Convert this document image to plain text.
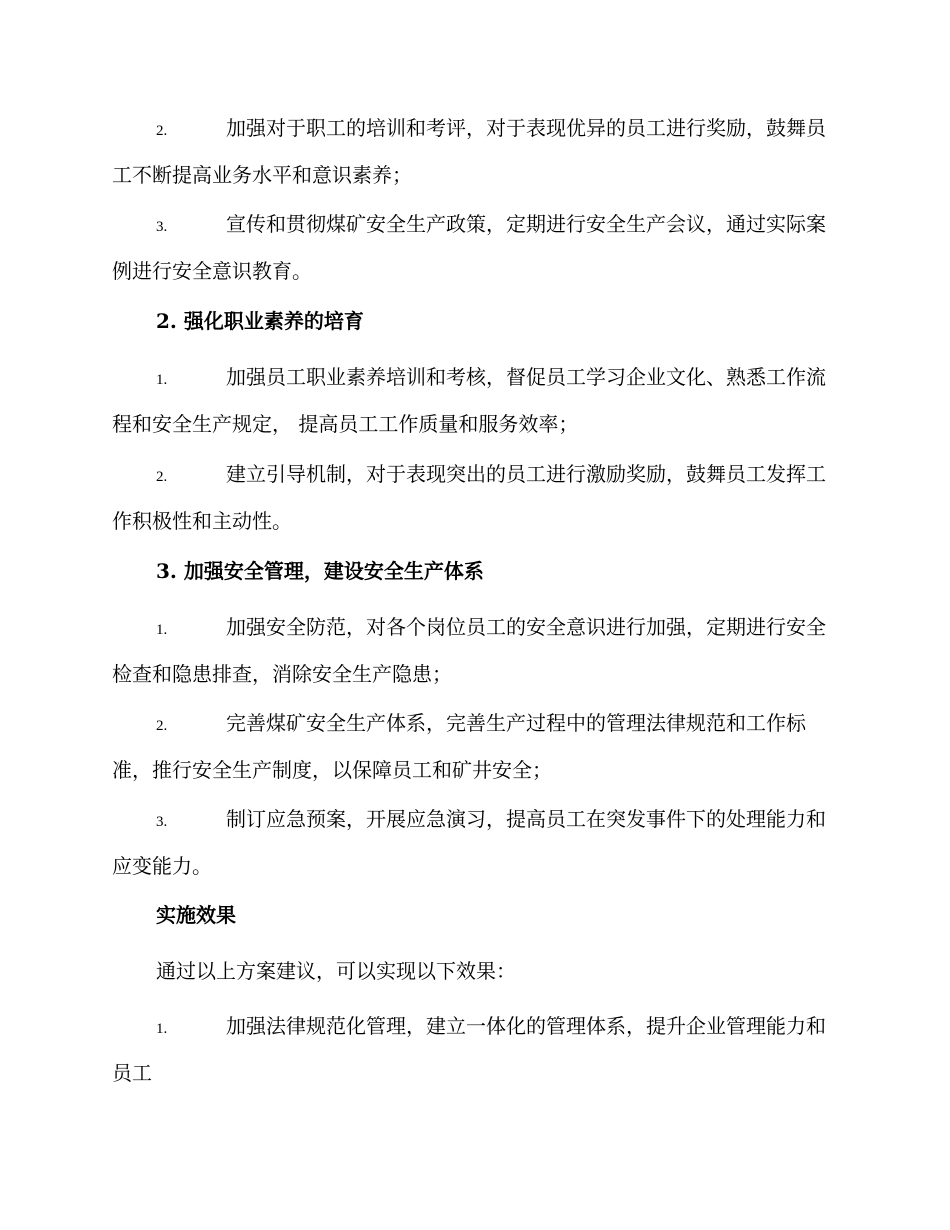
2.	加强对于职工的培训和考评，对于表现优异的员工进行奖励，鼓舞员工不断提高业务水平和意识素养；

3.	宣传和贯彻煤矿安全生产政策，定期进行安全生产会议，通过实际案例进行安全意识教育。

2. 强化职业素养的培育

1.	加强员工职业素养培训和考核，督促员工学习企业文化、熟悉工作流程和安全生产规定， 提高员工工作质量和服务效率；

2.	建立引导机制，对于表现突出的员工进行激励奖励，鼓舞员工发挥工作积极性和主动性。

3. 加强安全管理，建设安全生产体系

1.	加强安全防范，对各个岗位员工的安全意识进行加强，定期进行安全检查和隐患排查，消除安全生产隐患；

2.	完善煤矿安全生产体系，完善生产过程中的管理法律规范和工作标准，推行安全生产制度，以保障员工和矿井安全；

3.	制订应急预案，开展应急演习，提高员工在突发事件下的处理能力和应变能力。

实施效果

通过以上方案建议，可以实现以下效果：

1.	加强法律规范化管理，建立一体化的管理体系，提升企业管理能力和员工
